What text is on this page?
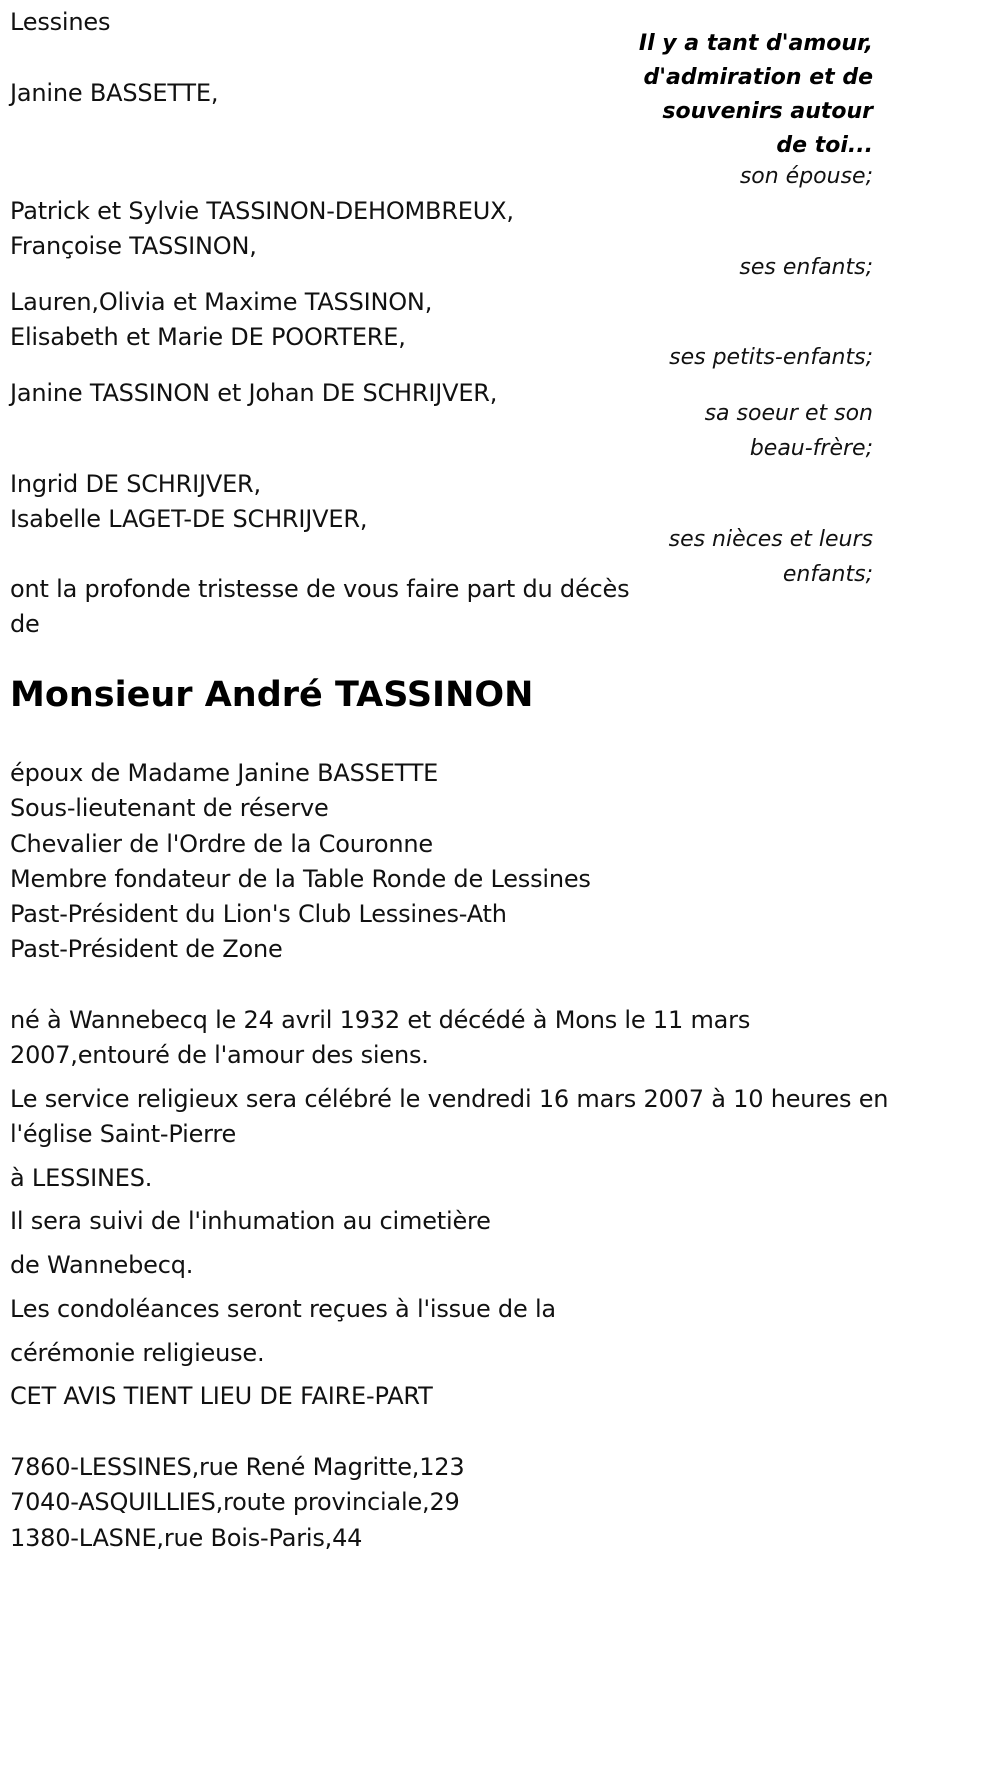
Lessines
Il y a tant d'amour,
d'admiration et de
souvenirs autour
de toi...
Janine BASSETTE,
son épouse;
Patrick et Sylvie TASSINON-DEHOMBREUX,
Françoise TASSINON,
ses enfants;
Lauren,Olivia et Maxime TASSINON,
Elisabeth et Marie DE POORTERE,
ses petits-enfants;
Janine TASSINON et Johan DE SCHRIJVER,
sa soeur et son
beau-frère;
Ingrid DE SCHRIJVER,
Isabelle LAGET-DE SCHRIJVER,
ses nièces et leurs
enfants;
ont la profonde tristesse de vous faire part du décès
de
Monsieur André TASSINON
époux de Madame Janine BASSETTE
Sous-lieutenant de réserve
Chevalier de l'Ordre de la Couronne
Membre fondateur de la Table Ronde de Lessines
Past-Président du Lion's Club Lessines-Ath
Past-Président de Zone
né à Wannebecq le 24 avril 1932 et décédé à Mons le 11 mars
2007,entouré de l'amour des siens.
Le service religieux sera célébré le vendredi 16 mars 2007 à 10 heures en
l'église Saint-Pierre
à LESSINES.
Il sera suivi de l'inhumation au cimetière
de Wannebecq.
Les condoléances seront reçues à l'issue de la
cérémonie religieuse.
CET AVIS TIENT LIEU DE FAIRE-PART
7860-LESSINES,rue René Magritte,123
7040-ASQUILLIES,route provinciale,29
1380-LASNE,rue Bois-Paris,44
